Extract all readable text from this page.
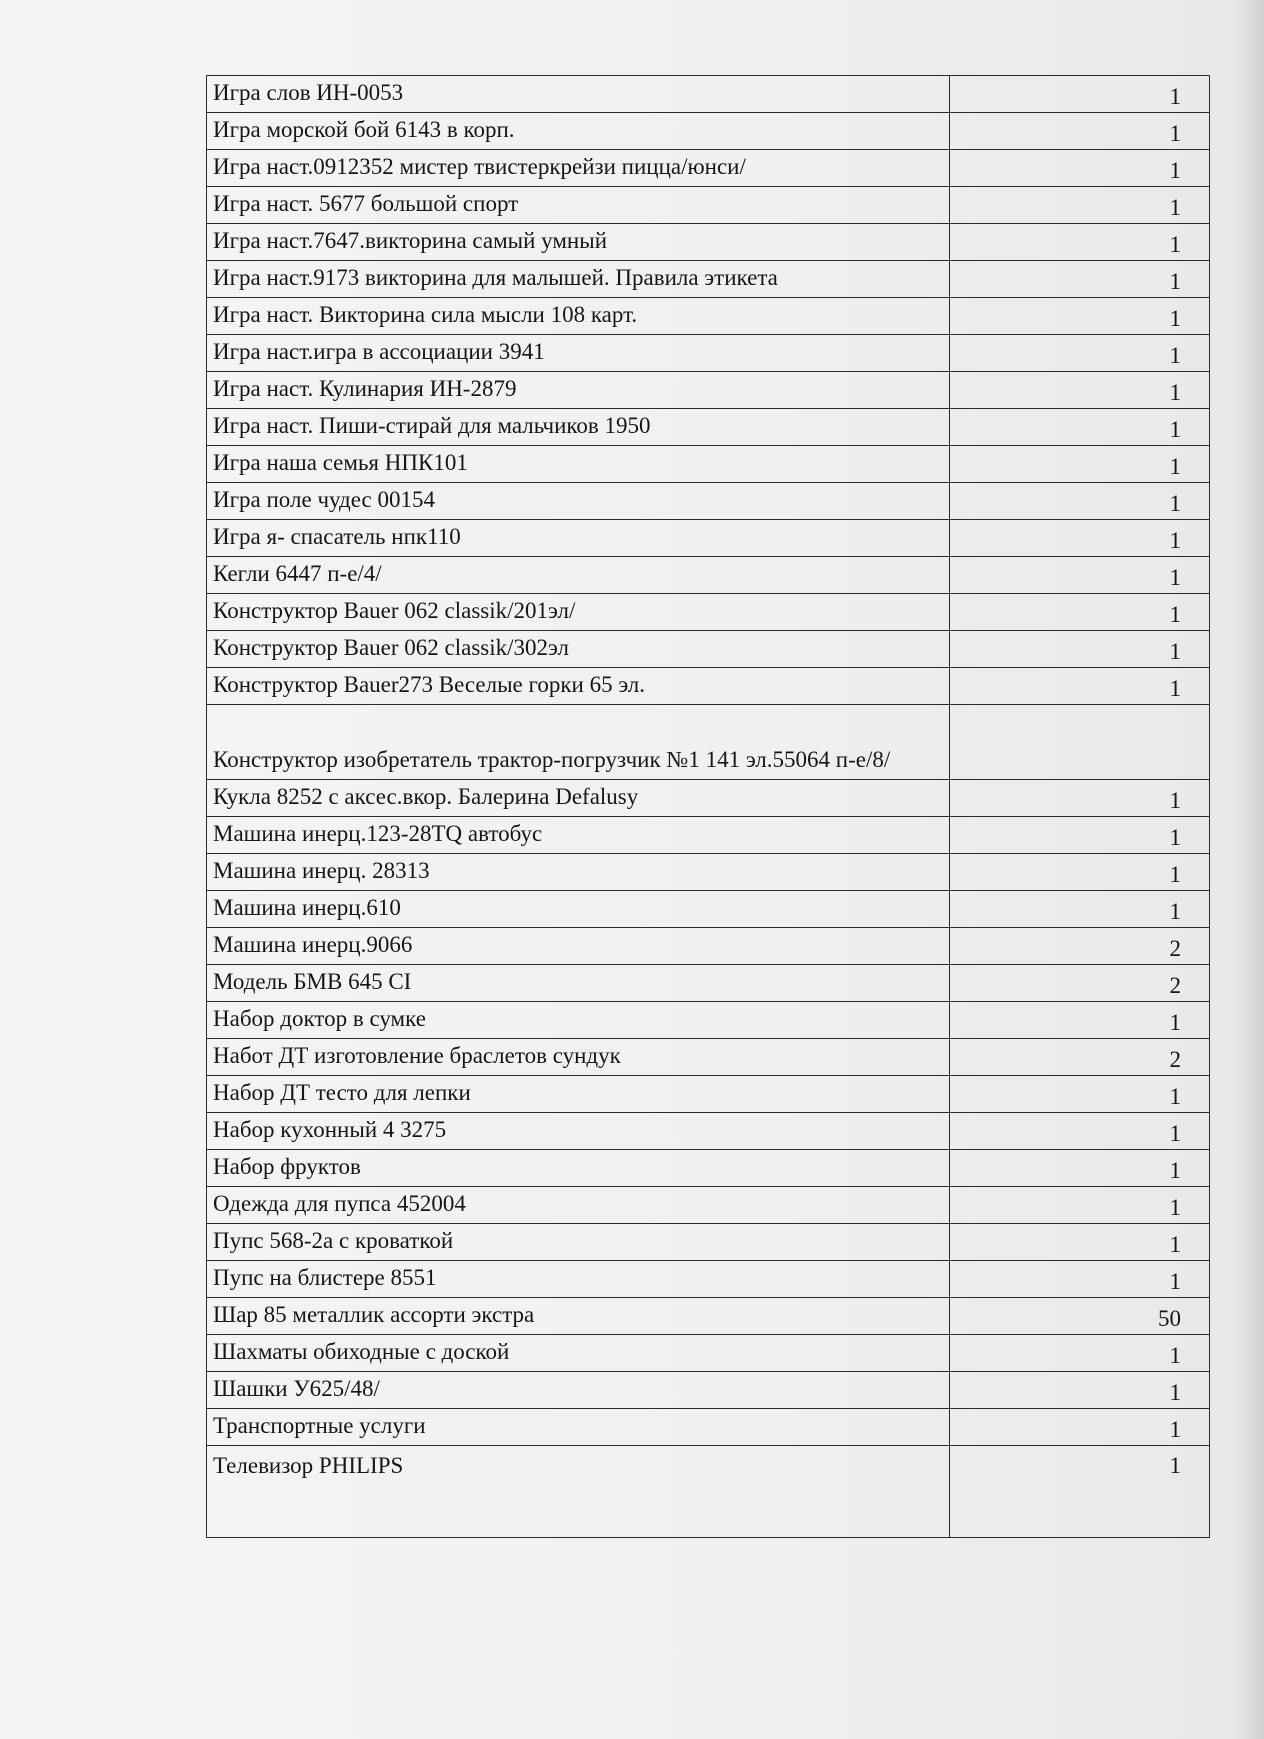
Игра слов ИН-0053	1
Игра морской бой 6143 в корп.	1
Игра наст.0912352 мистер твистеркрейзи пицца/юнси/	1
Игра наст. 5677 большой спорт	1
Игра наст.7647.викторина самый умный	1
Игра наст.9173 викторина для малышей. Правила этикета	1
Игра наст. Викторина сила мысли 108 карт.	1
Игра наст.игра в ассоциации 3941	1
Игра наст. Кулинария ИН-2879	1
Игра наст. Пиши-стирай для мальчиков 1950	1
Игра наша семья НПК101	1
Игра поле чудес 00154	1
Игра я- спасатель нпк110	1
Кегли 6447 п-е/4/	1
Конструктор Bauer 062 classik/201эл/	1
Конструктор Bauer 062 classik/302эл	1
Конструктор Bauer273 Веселые горки 65 эл.	1
Конструктор изобретатель трактор-погрузчик №1 141 эл.55064 п-е/8/	
Кукла 8252 с аксес.вкор. Балерина Defalusy	1
Машина инерц.123-28TQ автобус	1
Машина инерц. 28313	1
Машина инерц.610	1
Машина инерц.9066	2
Модель БМВ 645 CI	2
Набор доктор в сумке	1
Набот ДТ изготовление браслетов сундук	2
Набор ДТ тесто для лепки	1
Набор кухонный 4 3275	1
Набор фруктов	1
Одежда для пупса 452004	1
Пупс 568-2а с кроваткой	1
Пупс на блистере 8551	1
Шар 85 металлик ассорти экстра	50
Шахматы обиходные с доской	1
Шашки У625/48/	1
Транспортные услуги	1
Телевизор PHILIPS	1
